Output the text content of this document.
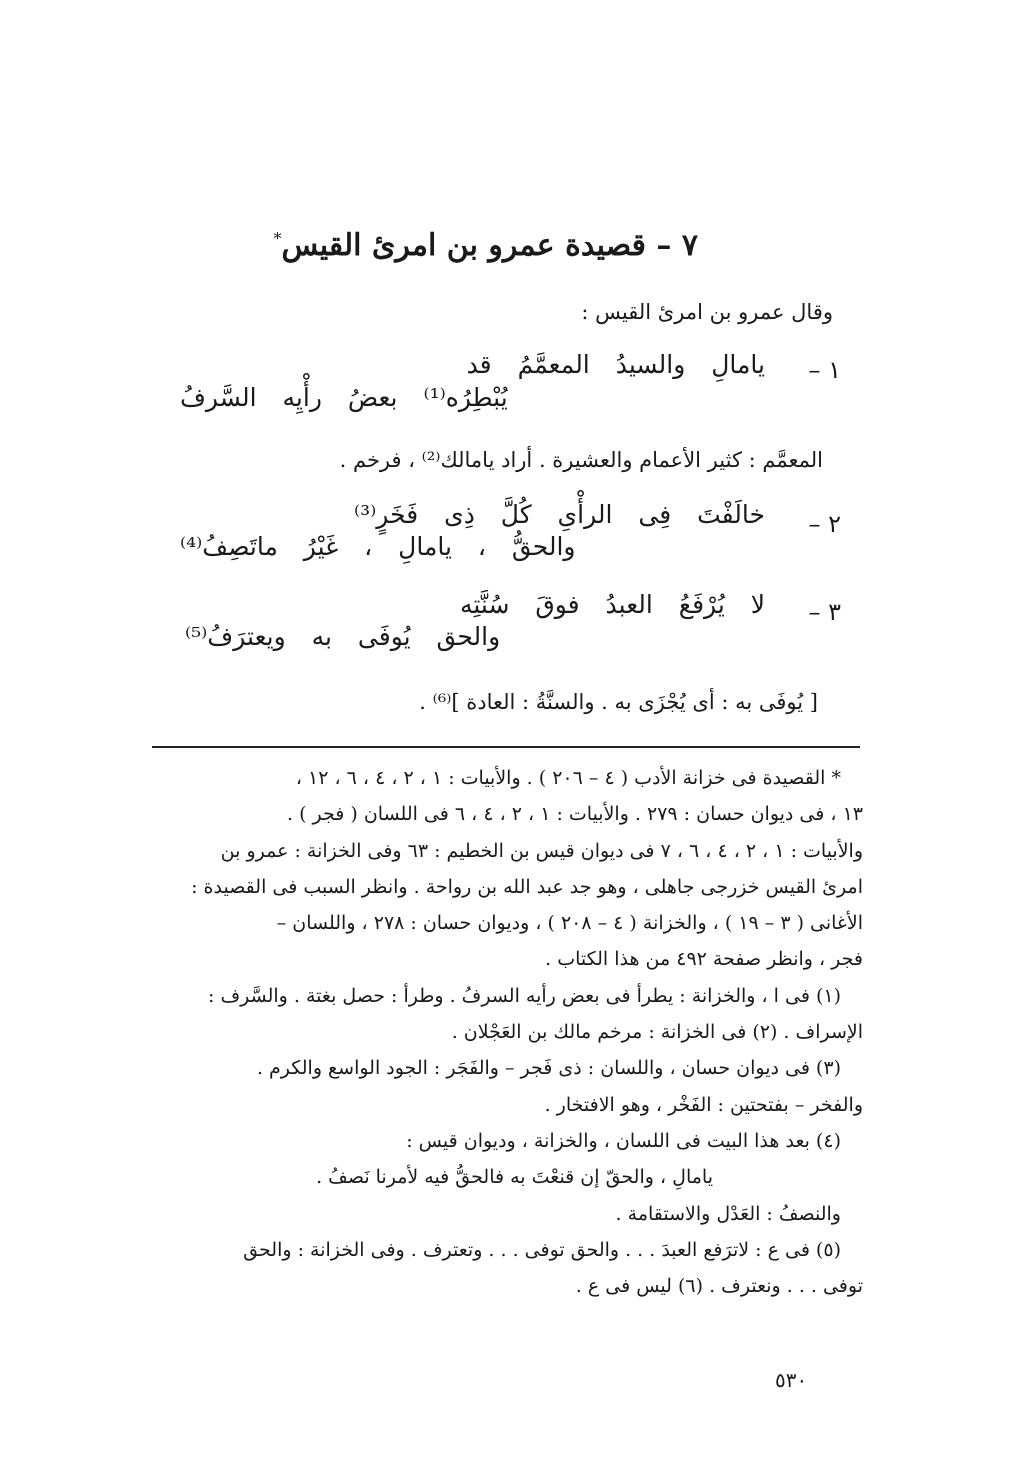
٧ – قصيدة عمرو بن امرئ القيس*
وقال عمرو بن امرئ القيس :
١ –
يامالِ والسيدُ المعمَّمُ قد
يُبْطِرُه⁽¹⁾ بعضُ رأْيِه السَّرفُ
المعمَّم : كثير الأعمام والعشيرة . أراد يامالك⁽²⁾ ، فرخم .
٢ –
خالَفْتَ فِى الرأْىِ كُلَّ ذِى فَخَرٍ⁽³⁾
والحقُّ ، يامالِ ، غَيْرُ ماتَصِفُ⁽⁴⁾
٣ –
لا يُرْفَعُ العبدُ فوقَ سُنَّتِه
والحق يُوفَى به ويعترَفُ⁽⁵⁾
[ يُوفَى به : أى يُجْزَى به . والسنَّةُ : العادة ]⁽⁶⁾ .
* القصيدة فى خزانة الأدب ( ٤ – ٢٠٦ ) . والأبيات : ١ ، ٢ ، ٤ ، ٦ ، ١٢ ،
١٣ ، فى ديوان حسان : ٢٧٩ . والأبيات : ١ ، ٢ ، ٤ ، ٦ فى اللسان ( فجر ) .
والأبيات : ١ ، ٢ ، ٤ ، ٦ ، ٧ فى ديوان قيس بن الخطيم : ٦٣ وفى الخزانة : عمرو بن
امرئ القيس خزرجى جاهلى ، وهو جد عبد الله بن رواحة . وانظر السبب فى القصيدة :
الأغانى ( ٣ – ١٩ ) ، والخزانة ( ٤ – ٢٠٨ ) ، وديوان حسان : ٢٧٨ ، واللسان –
فجر ، وانظر صفحة ٤٩٢ من هذا الكتاب .
(١) فى ا ، والخزانة : يطرأ فى بعض رأيه السرفُ . وطرأ : حصل بغتة . والسَّرف :
الإسراف . (٢) فى الخزانة : مرخم مالك بن العَجْلان .
(٣) فى ديوان حسان ، واللسان : ذى فَجر – والفَجَر : الجود الواسع والكرم .
والفخر – بفتحتين : الفَخْر ، وهو الافتخار .
(٤) بعد هذا البيت فى اللسان ، والخزانة ، وديوان قيس :
يامالِ ، والحقّ إن قنعْتَ به فالحقُّ فيه لأمرنا نَصفُ .
والنصفُ : العَدْل والاستقامة .
(٥) فى ع : لاترَفع العبدَ . . . والحق توفى . . . وتعترف . وفى الخزانة : والحق
توفى . . . ونعترف . (٦) ليس فى ع .
٥٣٠
